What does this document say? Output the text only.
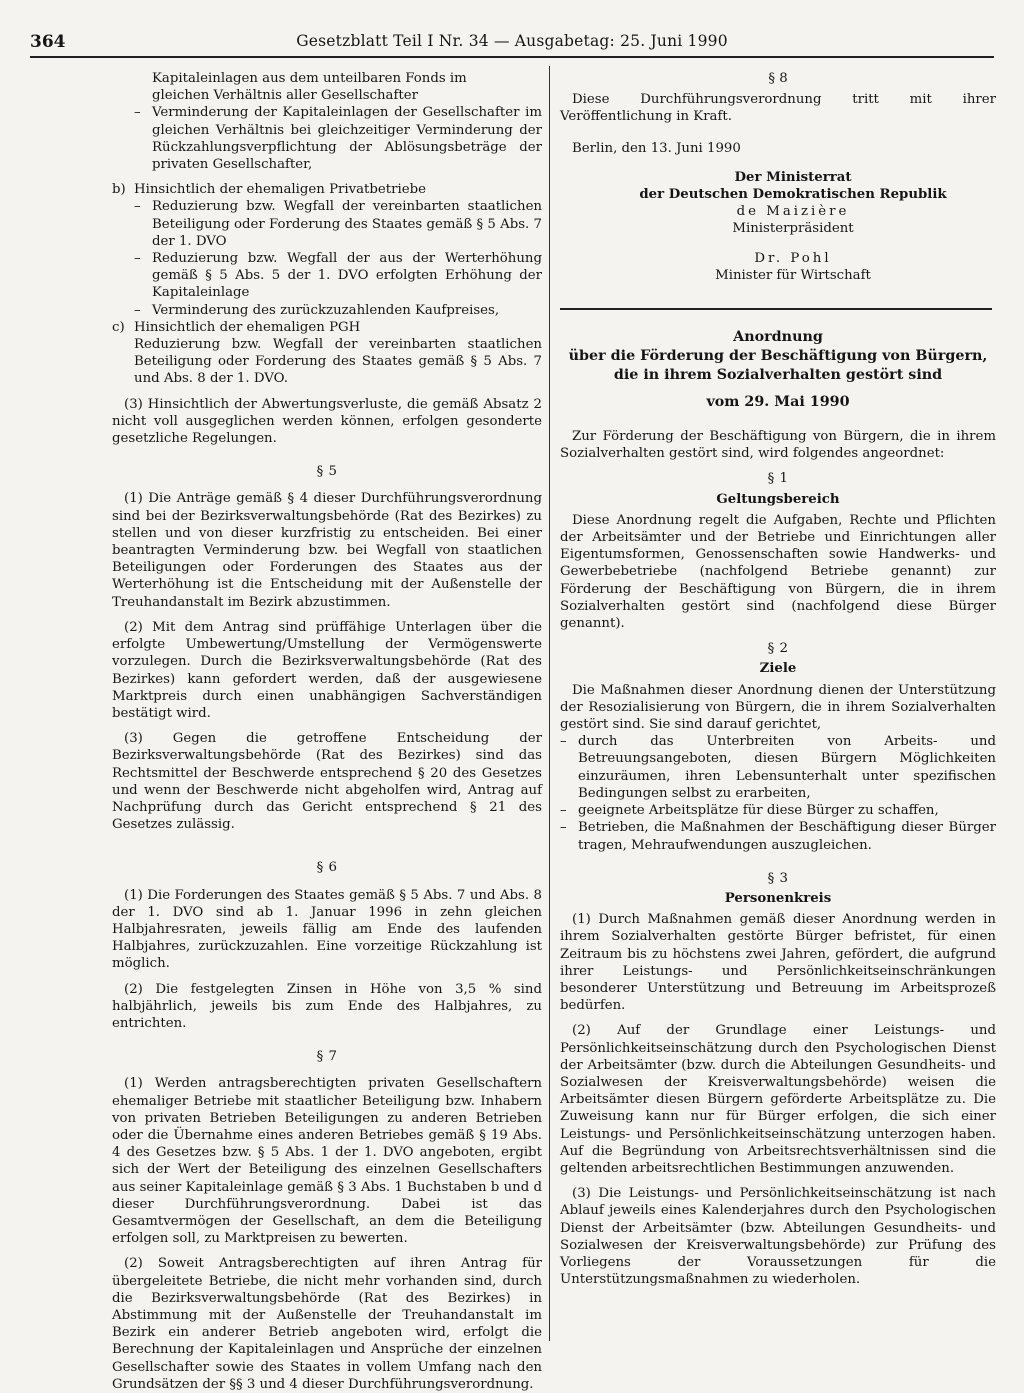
364	Gesetzblatt Teil I Nr. 34 — Ausgabetag: 25. Juni 1990

Kapitaleinlagen aus dem unteilbaren Fonds im

gleichen Verhältnis aller Gesellschafter

– Verminderung der Kapitaleinlagen der Gesellschafter im gleichen Verhältnis bei gleichzeitiger Verminderung der Rückzahlungsverpflichtung der Ablösungsbeträge der privaten Gesellschafter,

b) Hinsichtlich der ehemaligen Privatbetriebe

– Reduzierung bzw. Wegfall der vereinbarten staatlichen Beteiligung oder Forderung des Staates gemäß § 5 Abs. 7 der 1. DVO

– Reduzierung bzw. Wegfall der aus der Werterhöhung gemäß § 5 Abs. 5 der 1. DVO erfolgten Erhöhung der Kapitaleinlage

– Verminderung des zurückzuzahlenden Kaufpreises,

c) Hinsichtlich der ehemaligen PGH

Reduzierung bzw. Wegfall der vereinbarten staatlichen Beteiligung oder Forderung des Staates gemäß § 5 Abs. 7 und Abs. 8 der 1. DVO.

(3) Hinsichtlich der Abwertungsverluste, die gemäß Absatz 2 nicht voll ausgeglichen werden können, erfolgen gesonderte gesetzliche Regelungen.

§ 5

(1) Die Anträge gemäß § 4 dieser Durchführungsverordnung sind bei der Bezirksverwaltungsbehörde (Rat des Bezirkes) zu stellen und von dieser kurzfristig zu entscheiden. Bei einer beantragten Verminderung bzw. bei Wegfall von staatlichen Beteiligungen oder Forderungen des Staates aus der Werterhöhung ist die Entscheidung mit der Außenstelle der Treuhandanstalt im Bezirk abzustimmen.

(2) Mit dem Antrag sind prüffähige Unterlagen über die erfolgte Umbewertung/Umstellung der Vermögenswerte vorzulegen. Durch die Bezirksverwaltungsbehörde (Rat des Bezirkes) kann gefordert werden, daß der ausgewiesene Marktpreis durch einen unabhängigen Sachverständigen bestätigt wird.

(3) Gegen die getroffene Entscheidung der Bezirksverwaltungsbehörde (Rat des Bezirkes) sind das Rechtsmittel der Beschwerde entsprechend § 20 des Gesetzes und wenn der Beschwerde nicht abgeholfen wird, Antrag auf Nachprüfung durch das Gericht entsprechend § 21 des Gesetzes zulässig.

§ 6

(1) Die Forderungen des Staates gemäß § 5 Abs. 7 und Abs. 8 der 1. DVO sind ab 1. Januar 1996 in zehn gleichen Halbjahresraten, jeweils fällig am Ende des laufenden Halbjahres, zurückzuzahlen. Eine vorzeitige Rückzahlung ist möglich.

(2) Die festgelegten Zinsen in Höhe von 3,5 % sind halbjährlich, jeweils bis zum Ende des Halbjahres, zu entrichten.

§ 7

(1) Werden antragsberechtigten privaten Gesellschaftern ehemaliger Betriebe mit staatlicher Beteiligung bzw. Inhabern von privaten Betrieben Beteiligungen zu anderen Betrieben oder die Übernahme eines anderen Betriebes gemäß § 19 Abs. 4 des Gesetzes bzw. § 5 Abs. 1 der 1. DVO angeboten, ergibt sich der Wert der Beteiligung des einzelnen Gesellschafters aus seiner Kapitaleinlage gemäß § 3 Abs. 1 Buchstaben b und d dieser Durchführungsverordnung. Dabei ist das Gesamtvermögen der Gesellschaft, an dem die Beteiligung erfolgen soll, zu Marktpreisen zu bewerten.

(2) Soweit Antragsberechtigten auf ihren Antrag für übergeleitete Betriebe, die nicht mehr vorhanden sind, durch die Bezirksverwaltungsbehörde (Rat des Bezirkes) in Abstimmung mit der Außenstelle der Treuhandanstalt im Bezirk ein anderer Betrieb angeboten wird, erfolgt die Berechnung der Kapitaleinlagen und Ansprüche der einzelnen Gesellschafter sowie des Staates in vollem Umfang nach den Grundsätzen der §§ 3 und 4 dieser Durchführungsverordnung.

§ 8

Diese Durchführungsverordnung tritt mit ihrer Veröffentlichung in Kraft.

Berlin, den 13. Juni 1990

Der Ministerrat

der Deutschen Demokratischen Republik

de Maizière

Ministerpräsident

Dr. Pohl

Minister für Wirtschaft

Anordnung

über die Förderung der Beschäftigung von Bürgern,

die in ihrem Sozialverhalten gestört sind

vom 29. Mai 1990

Zur Förderung der Beschäftigung von Bürgern, die in ihrem Sozialverhalten gestört sind, wird folgendes angeordnet:

§ 1

Geltungsbereich

Diese Anordnung regelt die Aufgaben, Rechte und Pflichten der Arbeitsämter und der Betriebe und Einrichtungen aller Eigentumsformen, Genossenschaften sowie Handwerks- und Gewerbebetriebe (nachfolgend Betriebe genannt) zur Förderung der Beschäftigung von Bürgern, die in ihrem Sozialverhalten gestört sind (nachfolgend diese Bürger genannt).

§ 2

Ziele

Die Maßnahmen dieser Anordnung dienen der Unterstützung der Resozialisierung von Bürgern, die in ihrem Sozialverhalten gestört sind. Sie sind darauf gerichtet,

– durch das Unterbreiten von Arbeits- und Betreuungsangeboten, diesen Bürgern Möglichkeiten einzuräumen, ihren Lebensunterhalt unter spezifischen Bedingungen selbst zu erarbeiten,

– geeignete Arbeitsplätze für diese Bürger zu schaffen,

– Betrieben, die Maßnahmen der Beschäftigung dieser Bürger tragen, Mehraufwendungen auszugleichen.

§ 3

Personenkreis

(1) Durch Maßnahmen gemäß dieser Anordnung werden in ihrem Sozialverhalten gestörte Bürger befristet, für einen Zeitraum bis zu höchstens zwei Jahren, gefördert, die aufgrund ihrer Leistungs- und Persönlichkeitseinschränkungen besonderer Unterstützung und Betreuung im Arbeitsprozeß bedürfen.

(2) Auf der Grundlage einer Leistungs- und Persönlichkeitseinschätzung durch den Psychologischen Dienst der Arbeitsämter (bzw. durch die Abteilungen Gesundheits- und Sozialwesen der Kreisverwaltungsbehörde) weisen die Arbeitsämter diesen Bürgern geförderte Arbeitsplätze zu. Die Zuweisung kann nur für Bürger erfolgen, die sich einer Leistungs- und Persönlichkeitseinschätzung unterzogen haben. Auf die Begründung von Arbeitsrechtsverhältnissen sind die geltenden arbeitsrechtlichen Bestimmungen anzuwenden.

(3) Die Leistungs- und Persönlichkeitseinschätzung ist nach Ablauf jeweils eines Kalenderjahres durch den Psychologischen Dienst der Arbeitsämter (bzw. Abteilungen Gesundheits- und Sozialwesen der Kreisverwaltungsbehörde) zur Prüfung des Vorliegens der Voraussetzungen für die Unterstützungsmaßnahmen zu wiederholen.
